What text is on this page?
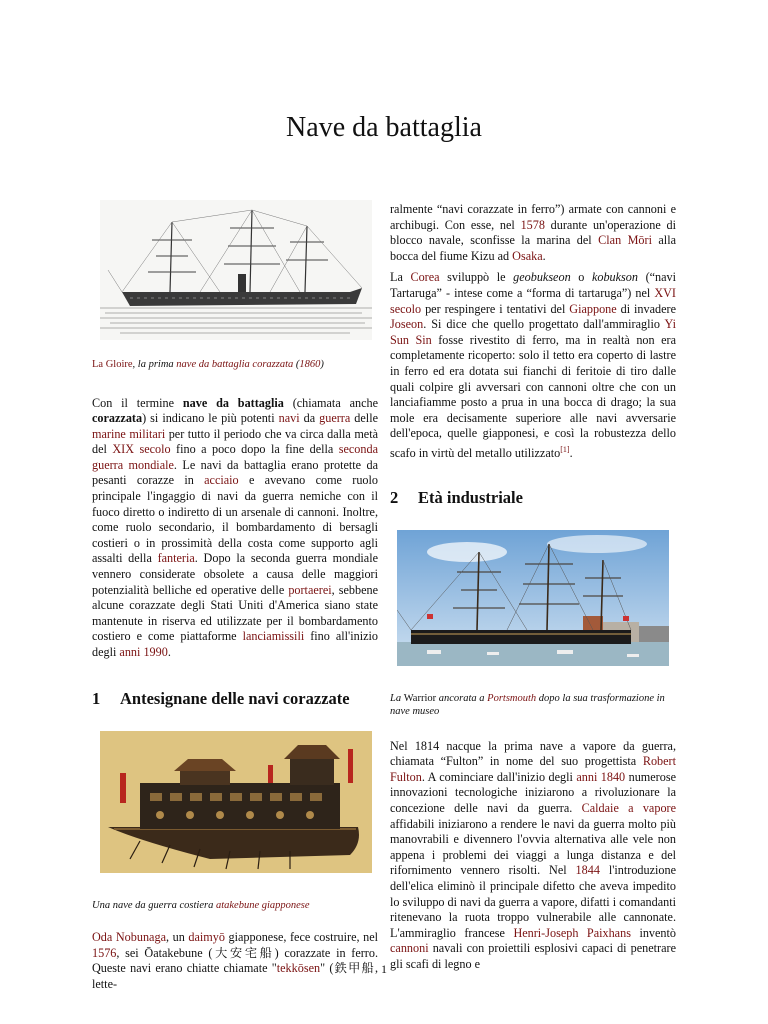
Nave da battaglia

La Gloire, la prima nave da battaglia corazzata (1860)

Con il termine nave da battaglia (chiamata anche corazzata) si indicano le più potenti navi da guerra delle marine militari per tutto il periodo che va circa dalla metà del XIX secolo fino a poco dopo la fine della seconda guerra mondiale. Le navi da battaglia erano protette da pesanti corazze in acciaio e avevano come ruolo principale l'ingaggio di navi da guerra nemiche con il fuoco diretto o indiretto di un arsenale di cannoni. Inoltre, come ruolo secondario, il bombardamento di bersagli costieri o in prossimità della costa come supporto agli assalti della fanteria. Dopo la seconda guerra mondiale vennero considerate obsolete a causa delle maggiori potenzialità belliche ed operative delle portaerei, sebbene alcune corazzate degli Stati Uniti d'America siano state mantenute in riserva ed utilizzate per il bombardamento costiero e come piattaforme lanciamissili fino all'inizio degli anni 1990.

1 Antesignane delle navi corazzate

Una nave da guerra costiera atakebune giapponese

Oda Nobunaga, un daimyō giapponese, fece costruire, nel 1576, sei Ōatakebune (大安宅船) corazzate in ferro. Queste navi erano chiatte chiamate "tekkōsen" (鉄甲船, lette-

ralmente “navi corazzate in ferro”) armate con cannoni e archibugi. Con esse, nel 1578 durante un'operazione di blocco navale, sconfisse la marina del Clan Mōri alla bocca del fiume Kizu ad Osaka.

La Corea sviluppò le geobukseon o kobukson (“navi Tartaruga” - intese come a “forma di tartaruga”) nel XVI secolo per respingere i tentativi del Giappone di invadere Joseon. Si dice che quello progettato dall'ammiraglio Yi Sun Sin fosse rivestito di ferro, ma in realtà non era completamente ricoperto: solo il tetto era coperto di lastre in ferro ed era dotata sui fianchi di feritoie di tiro dalle quali colpire gli avversari con cannoni oltre che con un lanciafiamme posto a prua in una bocca di drago; la sua mole era decisamente superiore alle navi avversarie dell'epoca, quelle giapponesi, e così la robustezza dello scafo in virtù del metallo utilizzato[1].

2 Età industriale

La Warrior ancorata a Portsmouth dopo la sua trasformazione in nave museo

Nel 1814 nacque la prima nave a vapore da guerra, chiamata “Fulton” in nome del suo progettista Robert Fulton. A cominciare dall'inizio degli anni 1840 numerose innovazioni tecnologiche iniziarono a rivoluzionare la concezione delle navi da guerra. Caldaie a vapore affidabili iniziarono a rendere le navi da guerra molto più manovrabili e divennero l'ovvia alternativa alle vele non appena i problemi dei viaggi a lunga distanza e del rifornimento vennero risolti. Nel 1844 l'introduzione dell'elica eliminò il principale difetto che aveva impedito lo sviluppo di navi da guerra a vapore, difatti i comandanti ritenevano la ruota troppo vulnerabile alle cannonate. L'ammiraglio francese Henri-Joseph Paixhans inventò cannoni navali con proiettili esplosivi capaci di penetrare gli scafi di legno e

1
